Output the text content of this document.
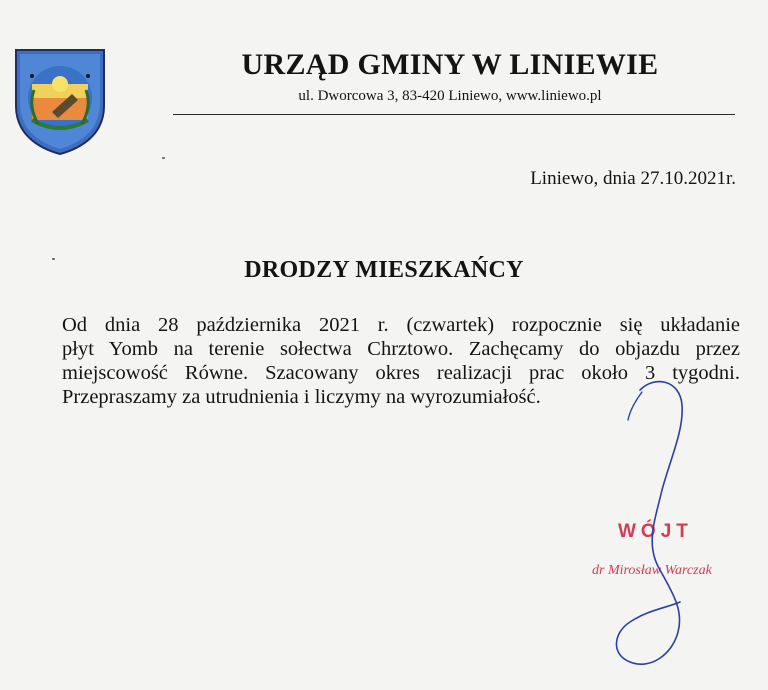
URZĄD GMINY W LINIEWIE
ul. Dworcowa 3, 83-420 Liniewo, www.liniewo.pl
Liniewo, dnia 27.10.2021r.
DRODZY MIESZKAŃCY
Od dnia 28 października 2021 r. (czwartek) rozpocznie się układanie
płyt Yomb na terenie sołectwa Chrztowo. Zachęcamy do objazdu przez
miejscowość Równe. Szacowany okres realizacji prac około 3 tygodni.
Przepraszamy za utrudnienia i liczymy na wyrozumiałość.
WÓJT
dr Mirosław Warczak
